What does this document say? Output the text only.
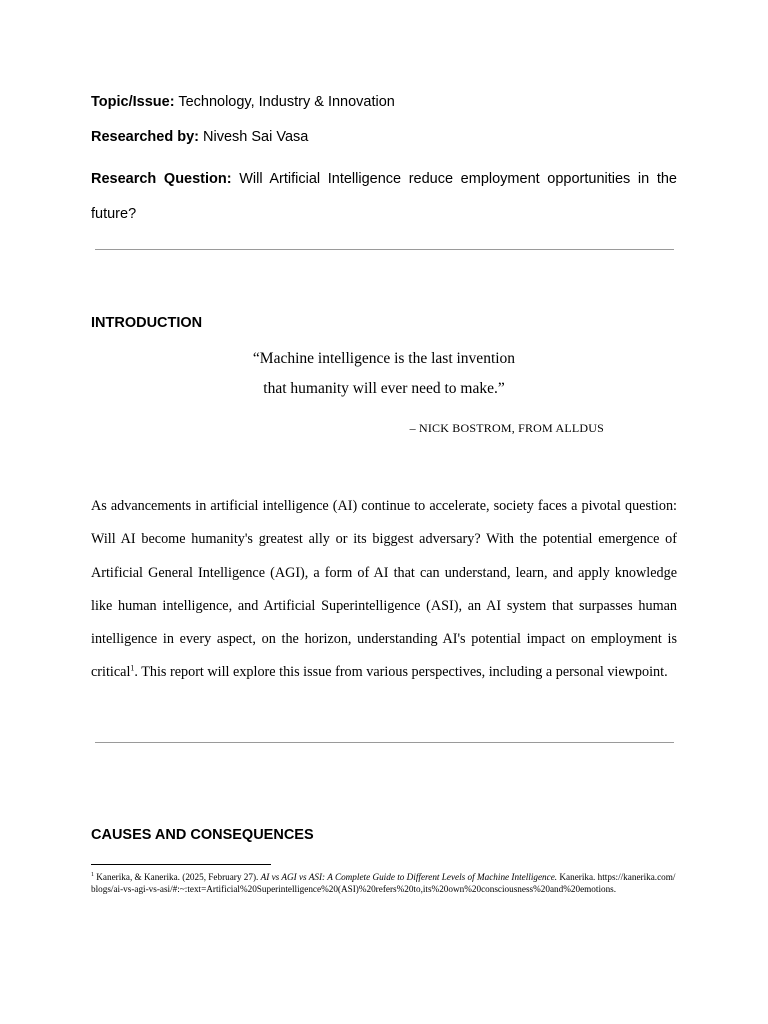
Topic/Issue: Technology, Industry & Innovation
Researched by: Nivesh Sai Vasa

Research Question: Will Artificial Intelligence reduce employment opportunities in the future?

INTRODUCTION

“Machine intelligence is the last invention
that humanity will ever need to make.”

– NICK BOSTROM, FROM ALLDUS

As advancements in artificial intelligence (AI) continue to accelerate, society faces a pivotal question: Will AI become humanity's greatest ally or its biggest adversary? With the potential emergence of Artificial General Intelligence (AGI), a form of AI that can understand, learn, and apply knowledge like human intelligence, and Artificial Superintelligence (ASI), an AI system that surpasses human intelligence in every aspect, on the horizon, understanding AI's potential impact on employment is critical$^1$. This report will explore this issue from various perspectives, including a personal viewpoint.

CAUSES AND CONSEQUENCES

$^1$ Kanerika, & Kanerika. (2025, February 27). AI vs AGI vs ASI: A Complete Guide to Different Levels of Machine Intelligence. Kanerika. https://kanerika.com/blogs/ai-vs-agi-vs-asi/#:~:text=Artificial%20Superintelligence%20(ASI)%20refers%20to,its%20own%20consciousness%20and%20emotions.
